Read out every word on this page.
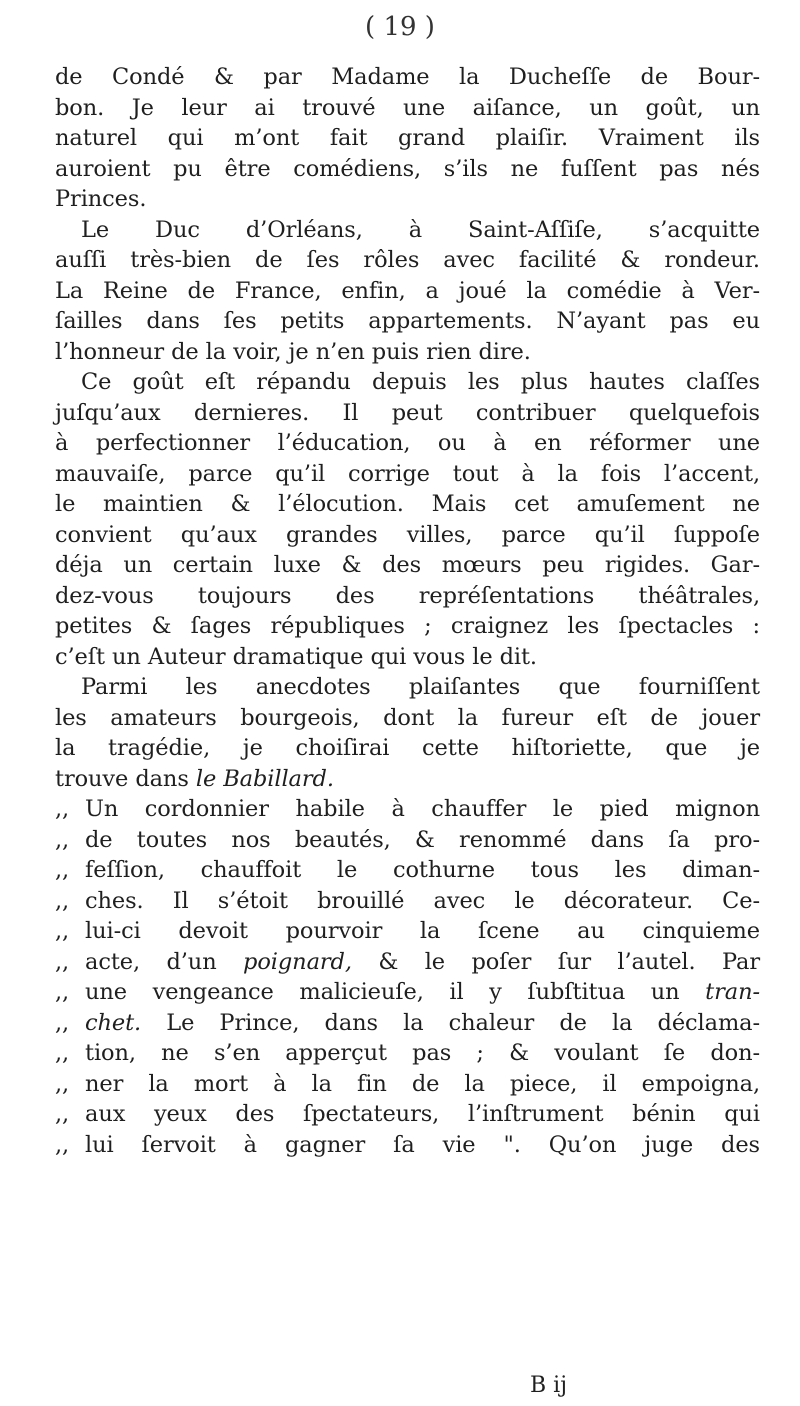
( 19 )
de Condé & par Madame la Ducheſſe de Bour-
bon. Je leur ai trouvé une aiſance, un goût, un
naturel qui m’ont fait grand plaiſir. Vraiment ils
auroient pu être comédiens, s’ils ne fuſſent pas nés
Princes.
Le Duc d’Orléans, à Saint-Aſſiſe, s’acquitte
auſſi très-bien de ſes rôles avec facilité & rondeur.
La Reine de France, enfin, a joué la comédie à Ver-
ſailles dans ſes petits appartements. N’ayant pas eu
l’honneur de la voir, je n’en puis rien dire.
Ce goût eſt répandu depuis les plus hautes claſſes
juſqu’aux dernieres. Il peut contribuer quelquefois
à perfectionner l’éducation, ou à en réformer une
mauvaiſe, parce qu’il corrige tout à la fois l’accent,
le maintien & l’élocution. Mais cet amuſement ne
convient qu’aux grandes villes, parce qu’il ſuppoſe
déja un certain luxe & des mœurs peu rigides. Gar-
dez-vous toujours des repréſentations théâtrales,
petites & ſages républiques ; craignez les ſpectacles :
c’eſt un Auteur dramatique qui vous le dit.
Parmi les anecdotes plaiſantes que fourniſſent
les amateurs bourgeois, dont la fureur eſt de jouer
la tragédie, je choiſirai cette hiſtoriette, que je
trouve dans le Babillard.
,, Un cordonnier habile à chauffer le pied mignon
,, de toutes nos beautés, & renommé dans ſa pro-
,, feſſion, chauffoit le cothurne tous les diman-
,, ches. Il s’étoit brouillé avec le décorateur. Ce-
,, lui-ci devoit pourvoir la ſcene au cinquieme
,, acte, d’un poignard, & le poſer ſur l’autel. Par
,, une vengeance malicieuſe, il y ſubſtitua un tran-
,, chet. Le Prince, dans la chaleur de la déclama-
,, tion, ne s’en apperçut pas ; & voulant ſe don-
,, ner la mort à la fin de la piece, il empoigna,
,, aux yeux des ſpectateurs, l’inſtrument bénin qui
,, lui ſervoit à gagner ſa vie ". Qu’on juge des
B ij
